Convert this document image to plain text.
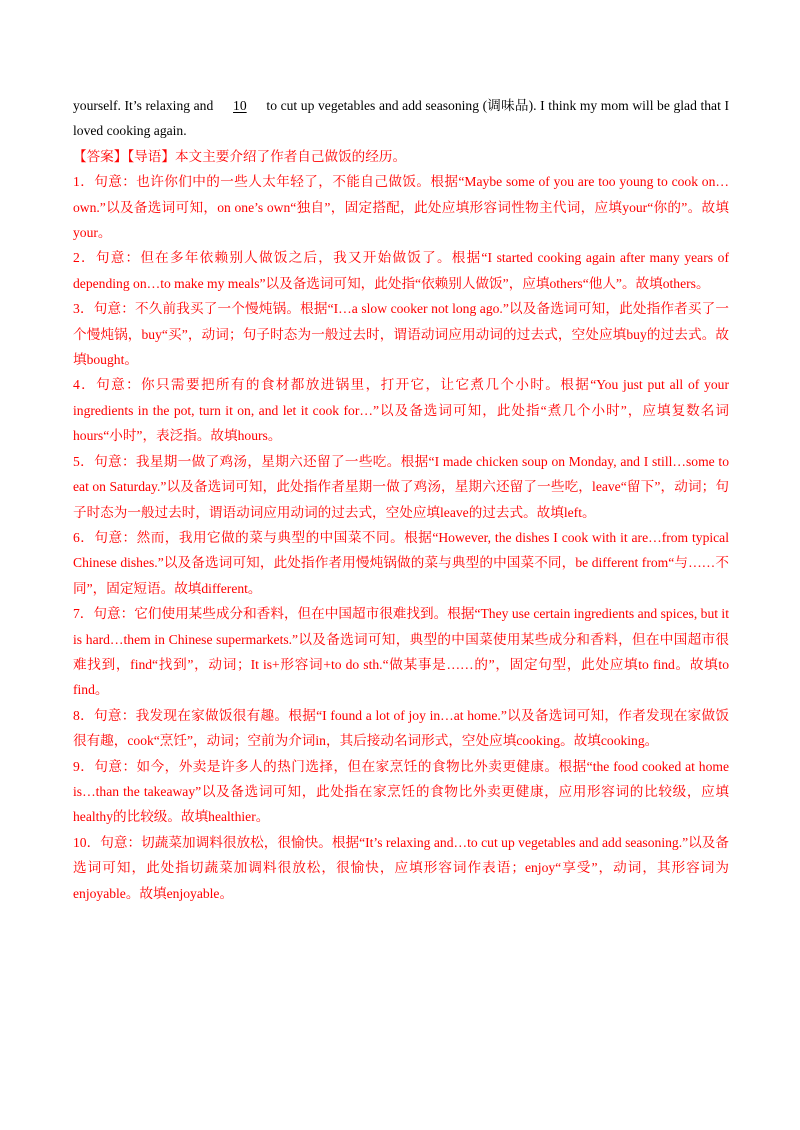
yourself. It’s relaxing and 10 to cut up vegetables and add seasoning (调味品). I think my mom will be glad that I loved cooking again.

【答案】【导语】本文主要介绍了作者自己做饭的经历。

1．句意：也许你们中的一些人太年轻了，不能自己做饭。根据“Maybe some of you are too young to cook on…own.”以及备选词可知，on one’s own“独自”，固定搭配，此处应填形容词性物主代词，应填your“你的”。故填your。

2．句意：但在多年依赖别人做饭之后，我又开始做饭了。根据“I started cooking again after many years of depending on…to make my meals”以及备选词可知，此处指“依赖别人做饭”，应填others“他人”。故填others。

3．句意：不久前我买了一个慢炖锅。根据“I…a slow cooker not long ago.”以及备选词可知，此处指作者买了一个慢炖锅，buy“买”，动词；句子时态为一般过去时，谓语动词应用动词的过去式，空处应填buy的过去式。故填bought。

4．句意：你只需要把所有的食材都放进锅里，打开它，让它煮几个小时。根据“You just put all of your ingredients in the pot, turn it on, and let it cook for…”以及备选词可知，此处指“煮几个小时”，应填复数名词hours“小时”，表泛指。故填hours。

5．句意：我星期一做了鸡汤，星期六还留了一些吃。根据“I made chicken soup on Monday, and I still…some to eat on Saturday.”以及备选词可知，此处指作者星期一做了鸡汤，星期六还留了一些吃，leave“留下”，动词；句子时态为一般过去时，谓语动词应用动词的过去式，空处应填leave的过去式。故填left。

6．句意：然而，我用它做的菜与典型的中国菜不同。根据“However, the dishes I cook with it are…from typical Chinese dishes.”以及备选词可知，此处指作者用慢炖锅做的菜与典型的中国菜不同，be different from“与……不同”，固定短语。故填different。

7．句意：它们使用某些成分和香料，但在中国超市很难找到。根据“They use certain ingredients and spices, but it is hard…them in Chinese supermarkets.”以及备选词可知，典型的中国菜使用某些成分和香料，但在中国超市很难找到，find“找到”，动词；It is+形容词+to do sth.“做某事是……的”，固定句型，此处应填to find。故填to find。

8．句意：我发现在家做饭很有趣。根据“I found a lot of joy in…at home.”以及备选词可知，作者发现在家做饭很有趣，cook“烹饪”，动词；空前为介词in，其后接动名词形式，空处应填cooking。故填cooking。

9．句意：如今，外卖是许多人的热门选择，但在家烹饪的食物比外卖更健康。根据“the food cooked at home is…than the takeaway”以及备选词可知，此处指在家烹饪的食物比外卖更健康，应用形容词的比较级，应填healthy的比较级。故填healthier。

10．句意：切蔬菜加调料很放松，很愉快。根据“It’s relaxing and…to cut up vegetables and add seasoning.”以及备选词可知，此处指切蔬菜加调料很放松，很愉快，应填形容词作表语；enjoy“享受”，动词，其形容词为enjoyable。故填enjoyable。
